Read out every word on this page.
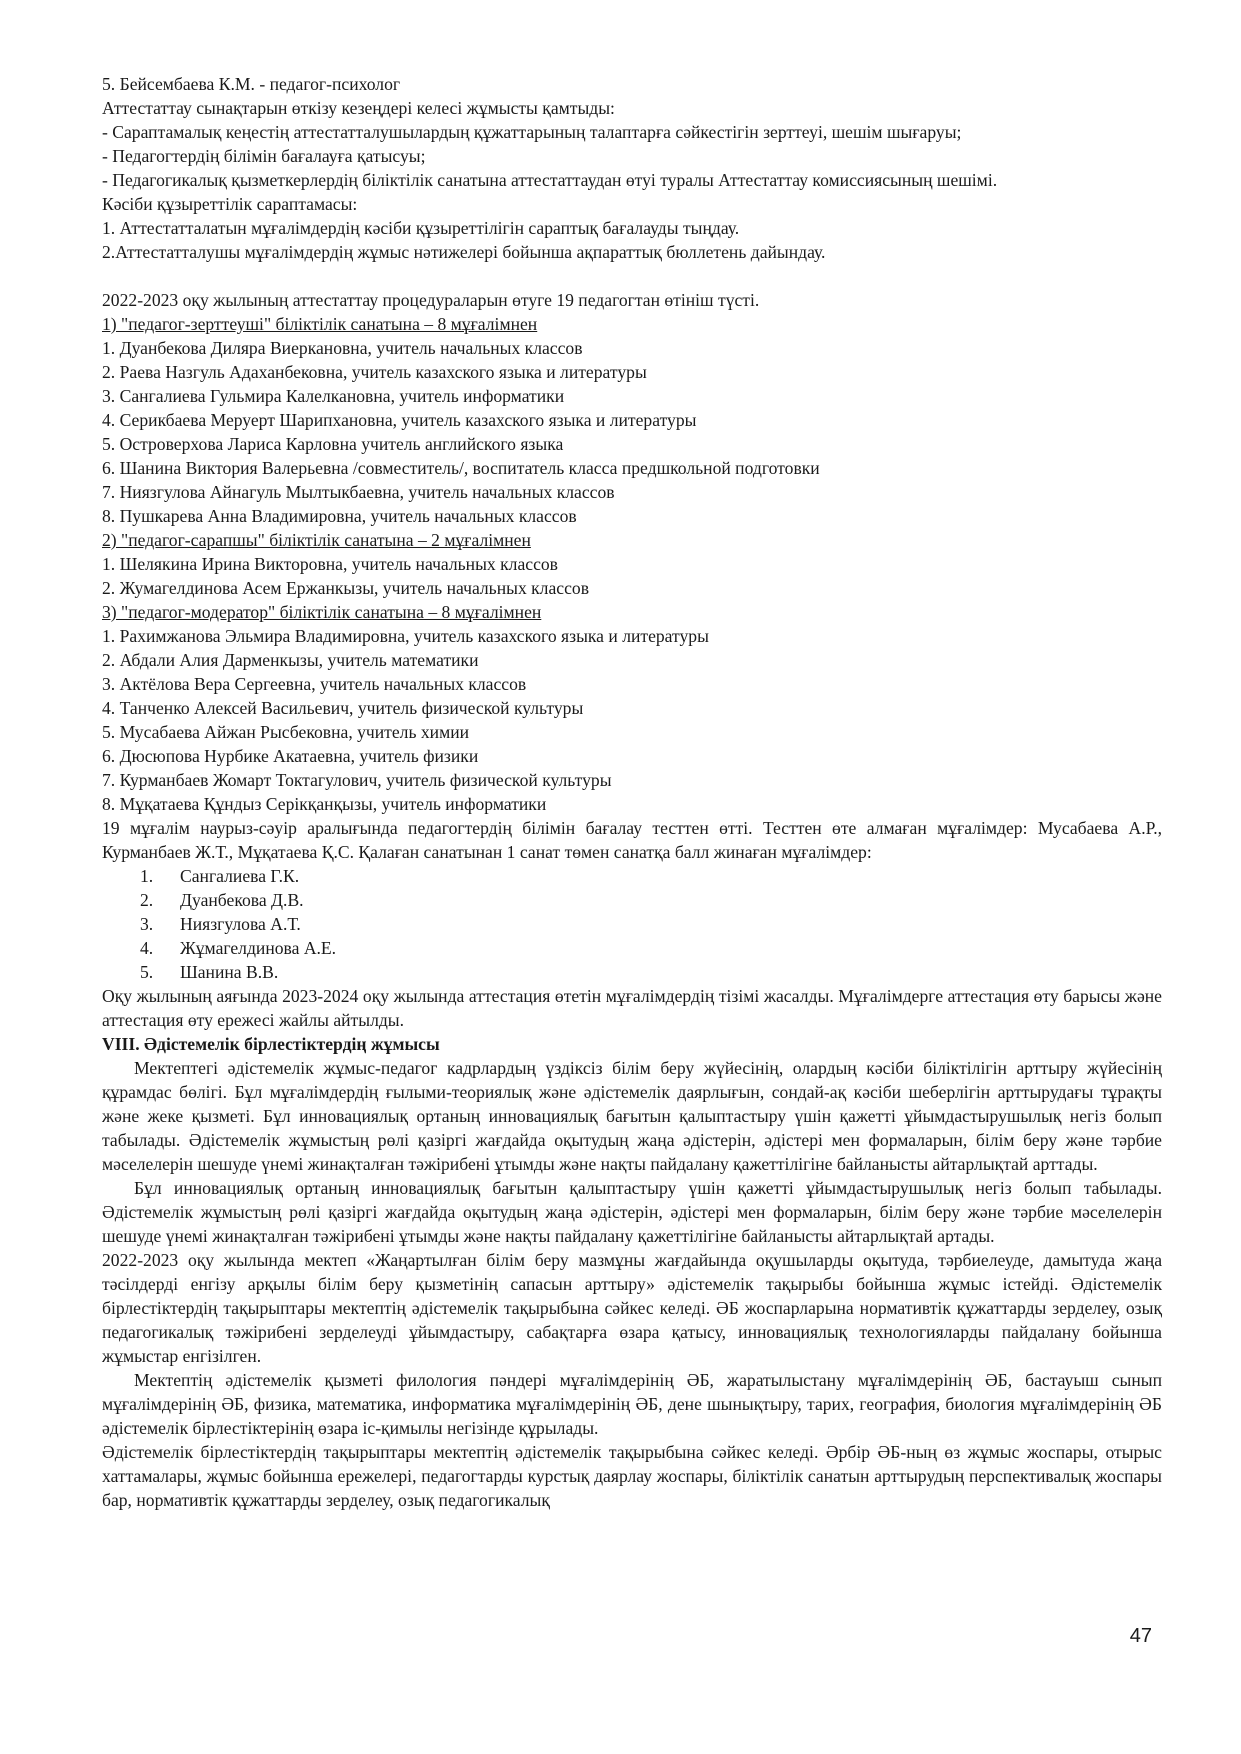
5. Бейсембаева К.М. - педагог-психолог
Аттестаттау сынақтарын өткізу кезеңдері келесі жұмысты қамтыды:
- Сараптамалық кеңестің аттестатталушылардың құжаттарының талаптарға сәйкестігін зерттеуі, шешім шығаруы;
- Педагогтердің білімін бағалауға қатысуы;
- Педагогикалық қызметкерлердің біліктілік санатына аттестаттаудан өтуі туралы Аттестаттау комиссиясының шешімі.
Кәсіби құзыреттілік сараптамасы:
1. Аттестатталатын мұғалімдердің кәсіби құзыреттілігін сараптық бағалауды тыңдау.
2.Аттестатталушы мұғалімдердің жұмыс нәтижелері бойынша ақпараттық бюллетень дайындау.
2022-2023 оқу жылының аттестаттау процедураларын өтуге 19 педагогтан өтініш түсті.
1) "педагог-зерттеуші" біліктілік санатына – 8 мұғалімнен
1. Дуанбекова Диляра Виеркановна, учитель начальных классов
2. Раева Назгуль Адаханбековна, учитель казахского языка и литературы
3. Сангалиева Гульмира Калелкановна, учитель информатики
4. Серикбаева Меруерт Шарипхановна, учитель казахского языка и литературы
5. Островерхова Лариса Карловна учитель английского языка
6. Шанина Виктория Валерьевна /совместитель/, воспитатель класса предшкольной подготовки
7. Ниязгулова Айнагуль Мылтыкбаевна, учитель начальных классов
8. Пушкарева Анна Владимировна, учитель начальных классов
2) "педагог-сарапшы" біліктілік санатына – 2 мұғалімнен
1. Шелякина Ирина Викторовна, учитель начальных классов
2. Жумагелдинова Асем Ержанкызы, учитель начальных классов
3) "педагог-модератор" біліктілік санатына – 8 мұғалімнен
1. Рахимжанова Эльмира Владимировна, учитель казахского языка и литературы
2. Абдали Алия Дарменкызы, учитель математики
3. Актёлова Вера Сергеевна, учитель начальных классов
4. Танченко Алексей Васильевич, учитель физической культуры
5. Мусабаева Айжан Рысбековна, учитель химии
6. Дюсюпова Нурбике Акатаевна, учитель физики
7. Курманбаев Жомарт Токтагулович, учитель физической культуры
8. Мұқатаева Құндыз Серікқанқызы, учитель информатики
19 мұғалім наурыз-сәуір аралығында педагогтердің білімін бағалау тесттен өтті. Тесттен өте алмаған мұғалімдер: Мусабаева А.Р., Курманбаев Ж.Т., Мұқатаева Қ.С. Қалаған санатынан 1 санат төмен санатқа балл жинаған мұғалімдер:
1.	Сангалиева Г.К.
2.	Дуанбекова Д.В.
3.	Ниязгулова А.Т.
4.	Жұмагелдинова А.Е.
5.	Шанина В.В.
Оқу жылының аяғында 2023-2024 оқу жылында аттестация өтетін мұғалімдердің тізімі жасалды. Мұғалімдерге аттестация өту барысы және аттестация өту ережесі жайлы айтылды.
VIII. Әдістемелік бірлестіктердің жұмысы
Мектептегі әдістемелік жұмыс-педагог кадрлардың үздіксіз білім беру жүйесінің, олардың кәсіби біліктілігін арттыру жүйесінің құрамдас бөлігі. Бұл мұғалімдердің ғылыми-теориялық және әдістемелік даярлығын, сондай-ақ кәсіби шеберлігін арттырудағы тұрақты және жеке қызметі. Бұл инновациялық ортаның инновациялық бағытын қалыптастыру үшін қажетті ұйымдастырушылық негіз болып табылады. Әдістемелік жұмыстың рөлі қазіргі жағдайда оқытудың жаңа әдістерін, әдістері мен формаларын, білім беру және тәрбие мәселелерін шешуде үнемі жинақталған тәжірибені ұтымды және нақты пайдалану қажеттілігіне байланысты айтарлықтай арттады.
Бұл инновациялық ортаның инновациялық бағытын қалыптастыру үшін қажетті ұйымдастырушылық негіз болып табылады. Әдістемелік жұмыстың рөлі қазіргі жағдайда оқытудың жаңа әдістерін, әдістері мен формаларын, білім беру және тәрбие мәселелерін шешуде үнемі жинақталған тәжірибені ұтымды және нақты пайдалану қажеттілігіне байланысты айтарлықтай артады.
2022-2023 оқу жылында мектеп «Жаңартылған білім беру мазмұны жағдайында оқушыларды оқытуда, тәрбиелеуде, дамытуда жаңа тәсілдерді енгізу арқылы білім беру қызметінің сапасын арттыру» әдістемелік тақырыбы бойынша жұмыс істейді. Әдістемелік бірлестіктердің тақырыптары мектептің әдістемелік тақырыбына сәйкес келеді. ӘБ жоспарларына нормативтік құжаттарды зерделеу, озық педагогикалық тәжірибені зерделеуді ұйымдастыру, сабақтарға өзара қатысу, инновациялық технологияларды пайдалану бойынша жұмыстар енгізілген.
Мектептің әдістемелік қызметі филология пәндері мұғалімдерінің ӘБ, жаратылыстану мұғалімдерінің ӘБ, бастауыш сынып мұғалімдерінің ӘБ, физика, математика, информатика мұғалімдерінің ӘБ, дене шынықтыру, тарих, география, биология мұғалімдерінің ӘБ әдістемелік бірлестіктерінің өзара іс-қимылы негізінде құрылады.
Әдістемелік бірлестіктердің тақырыптары мектептің әдістемелік тақырыбына сәйкес келеді. Әрбір ӘБ-ның өз жұмыс жоспары, отырыс хаттамалары, жұмыс бойынша ережелері, педагогтарды курстық даярлау жоспары, біліктілік санатын арттырудың перспективалық жоспары бар, нормативтік құжаттарды зерделеу, озық педагогикалық
47
